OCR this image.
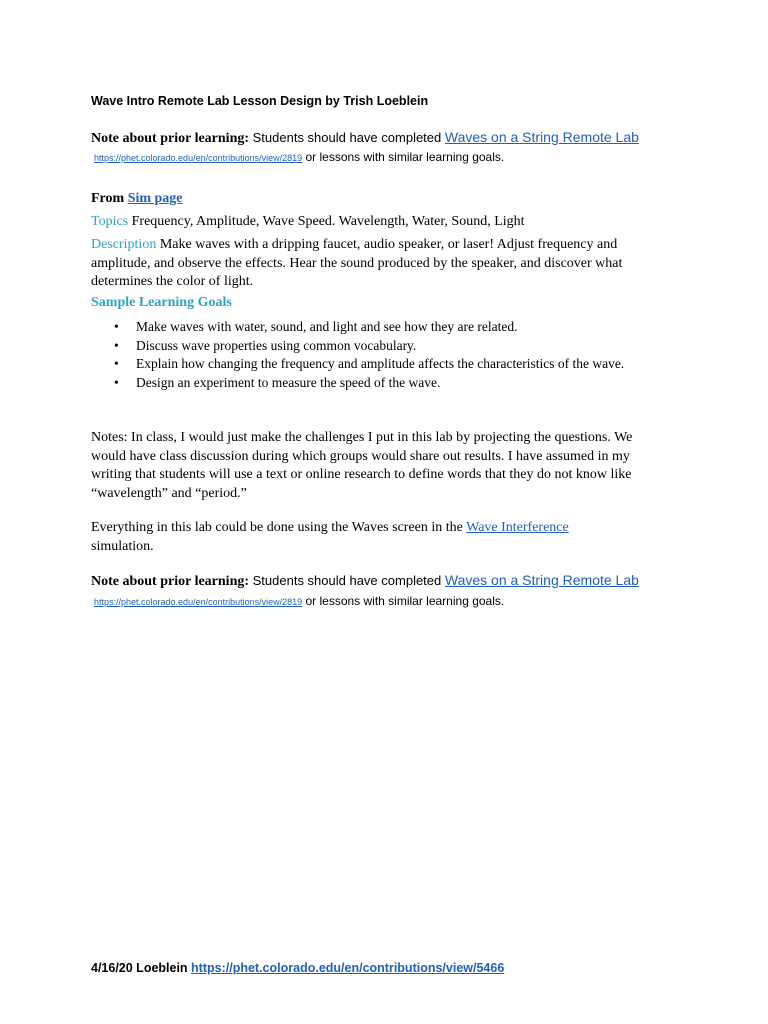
Wave Intro Remote Lab Lesson Design by Trish Loeblein
Note about prior learning: Students should have completed Waves on a String Remote Lab
https://phet.colorado.edu/en/contributions/view/2819 or lessons with similar learning goals.
From Sim page
Topics Frequency, Amplitude, Wave Speed. Wavelength, Water, Sound, Light
Description Make waves with a dripping faucet, audio speaker, or laser! Adjust frequency and amplitude, and observe the effects. Hear the sound produced by the speaker, and discover what determines the color of light.
Sample Learning Goals
• Make waves with water, sound, and light and see how they are related.
• Discuss wave properties using common vocabulary.
• Explain how changing the frequency and amplitude affects the characteristics of the wave.
• Design an experiment to measure the speed of the wave.
Notes: In class, I would just make the challenges I put in this lab by projecting the questions. We would have class discussion during which groups would share out results. I have assumed in my writing that students will use a text or online research to define words that they do not know like “wavelength” and “period.”
Everything in this lab could be done using the Waves screen in the Wave Interference
simulation.
Note about prior learning: Students should have completed Waves on a String Remote Lab
https://phet.colorado.edu/en/contributions/view/2819 or lessons with similar learning goals.
4/16/20 Loeblein https://phet.colorado.edu/en/contributions/view/5466
